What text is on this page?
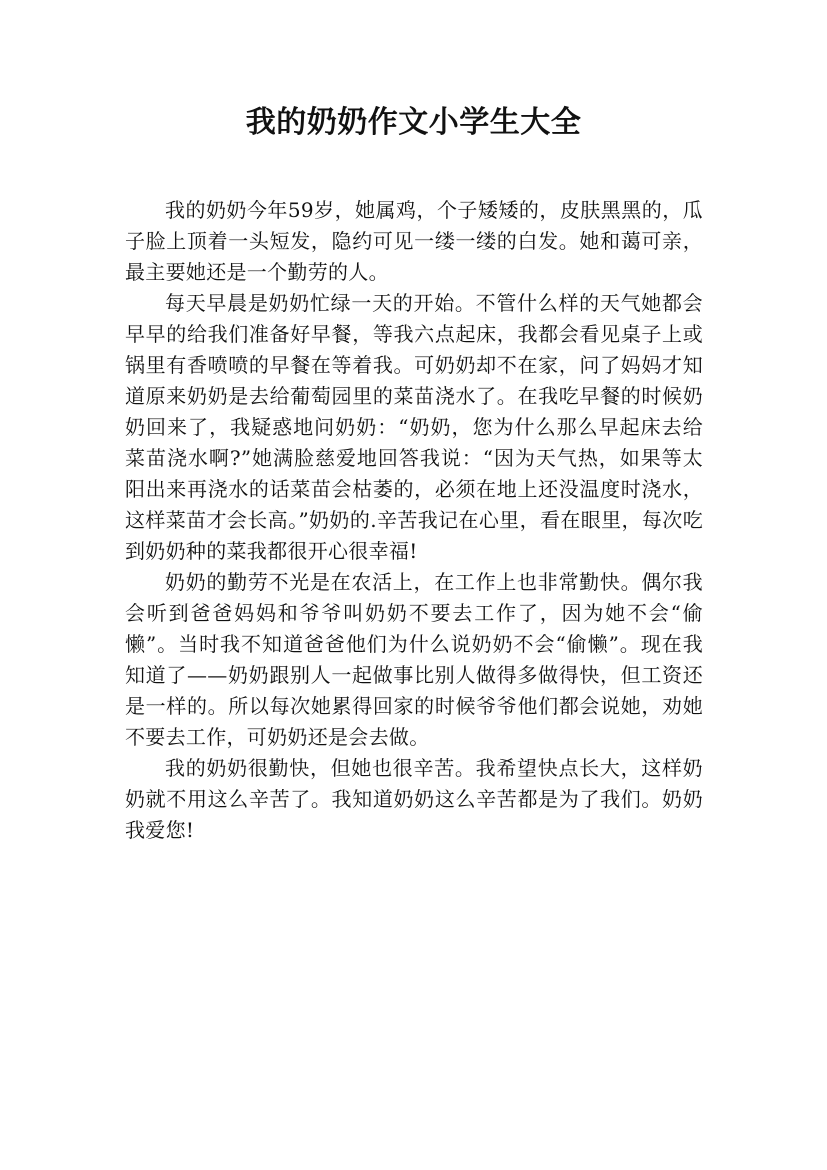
我的奶奶作文小学生大全

我的奶奶今年59岁，她属鸡，个子矮矮的，皮肤黑黑的，瓜子脸上顶着一头短发，隐约可见一缕一缕的白发。她和蔼可亲，最主要她还是一个勤劳的人。

每天早晨是奶奶忙绿一天的开始。不管什么样的天气她都会早早的给我们准备好早餐，等我六点起床，我都会看见桌子上或锅里有香喷喷的早餐在等着我。可奶奶却不在家，问了妈妈才知道原来奶奶是去给葡萄园里的菜苗浇水了。在我吃早餐的时候奶奶回来了，我疑惑地问奶奶：“奶奶，您为什么那么早起床去给菜苗浇水啊?”她满脸慈爱地回答我说：“因为天气热，如果等太阳出来再浇水的话菜苗会枯萎的，必须在地上还没温度时浇水，这样菜苗才会长高。”奶奶的.辛苦我记在心里，看在眼里，每次吃到奶奶种的菜我都很开心很幸福!

奶奶的勤劳不光是在农活上，在工作上也非常勤快。偶尔我会听到爸爸妈妈和爷爷叫奶奶不要去工作了，因为她不会“偷懒”。当时我不知道爸爸他们为什么说奶奶不会“偷懒”。现在我知道了——奶奶跟别人一起做事比别人做得多做得快，但工资还是一样的。所以每次她累得回家的时候爷爷他们都会说她，劝她不要去工作，可奶奶还是会去做。

我的奶奶很勤快，但她也很辛苦。我希望快点长大，这样奶奶就不用这么辛苦了。我知道奶奶这么辛苦都是为了我们。奶奶我爱您!
